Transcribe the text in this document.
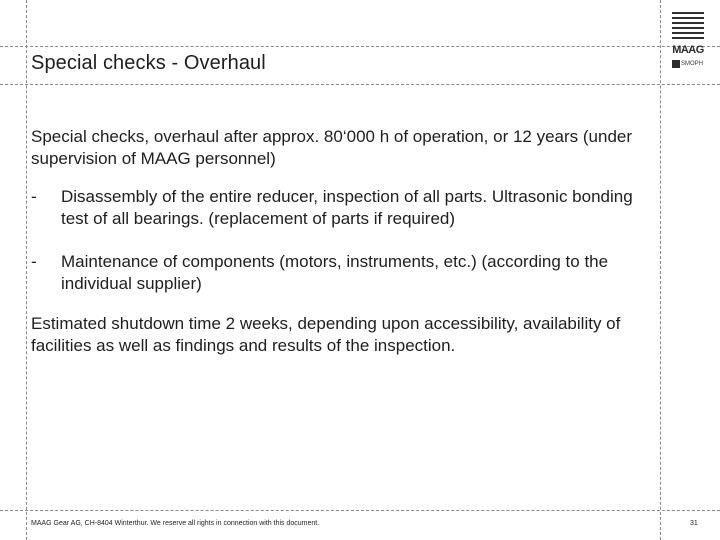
MAAG
SMOPH
Special checks - Overhaul

Special checks, overhaul after approx. 80‘000 h of operation, or 12 years (under supervision of MAAG personnel)

- Disassembly of the entire reducer, inspection of all parts. Ultrasonic bonding test of all bearings. (replacement of parts if required)
- Maintenance of components (motors, instruments, etc.) (according to the individual supplier)

Estimated shutdown time 2 weeks, depending upon accessibility, availability of facilities as well as findings and results of the inspection.

MAAG Gear AG, CH-8404 Winterthur. We reserve all rights in connection with this document.	31
